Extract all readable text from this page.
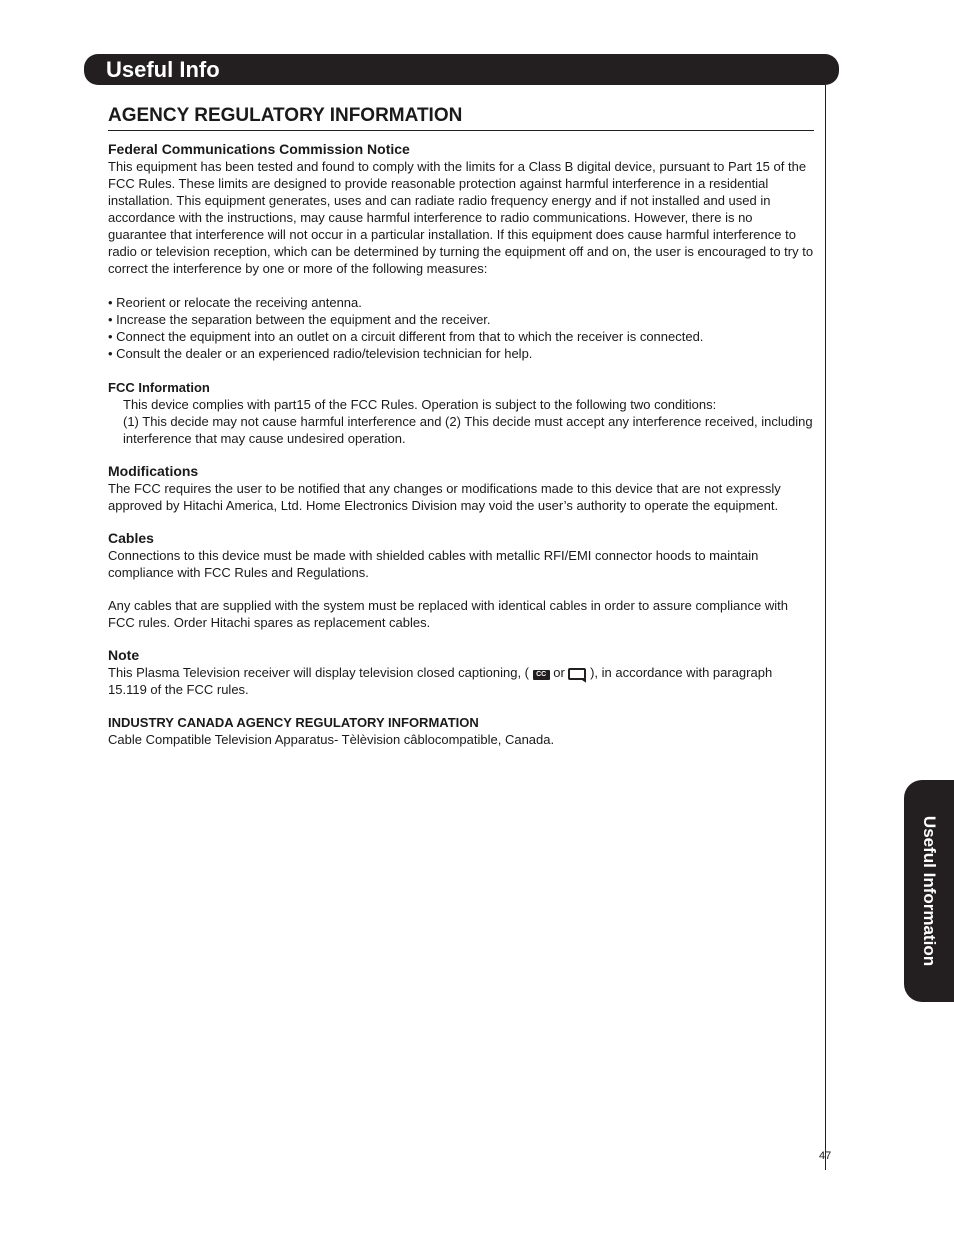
Useful Info
Useful Information
47
AGENCY REGULATORY INFORMATION
Federal Communications Commission Notice

This equipment has been tested and found to comply with the limits for a Class B digital device, pursuant to Part 15 of the FCC Rules. These limits are designed to provide reasonable protection against harmful interference in a residential installation. This equipment generates, uses and can radiate radio frequency energy and if not installed and used in accordance with the instructions, may cause harmful interference to radio communications. However, there is no guarantee that interference will not occur in a particular installation. If this equipment does cause harmful interference to radio or television reception, which can be determined by turning the equipment off and on, the user is encouraged to try to correct the interference by one or more of the following measures:

• Reorient or relocate the receiving antenna.
• Increase the separation between the equipment and the receiver.
• Connect the equipment into an outlet on a circuit different from that to which the receiver is connected.
• Consult the dealer or an experienced radio/television technician for help.
FCC Information

This device complies with part15 of the FCC Rules. Operation is subject to the following two conditions:

(1) This decide may not cause harmful interference and (2) This decide must accept any interference received, including interference that may cause undesired operation.

Modifications

The FCC requires the user to be notified that any changes or modifications made to this device that are not expressly approved by Hitachi America, Ltd. Home Electronics Division may void the user’s authority to operate the equipment.

Cables

Connections to this device must be made with shielded cables with metallic RFI/EMI connector hoods to maintain compliance with FCC Rules and Regulations.

Any cables that are supplied with the system must be replaced with identical cables in order to assure compliance with FCC rules. Order Hitachi spares as replacement cables.

Note

This Plasma Television receiver will display television closed captioning, ( CC or ), in accordance with paragraph 15.119 of the FCC rules.

INDUSTRY CANADA AGENCY REGULATORY INFORMATION

Cable Compatible Television Apparatus- Tèlèvision câblocompatible, Canada.
